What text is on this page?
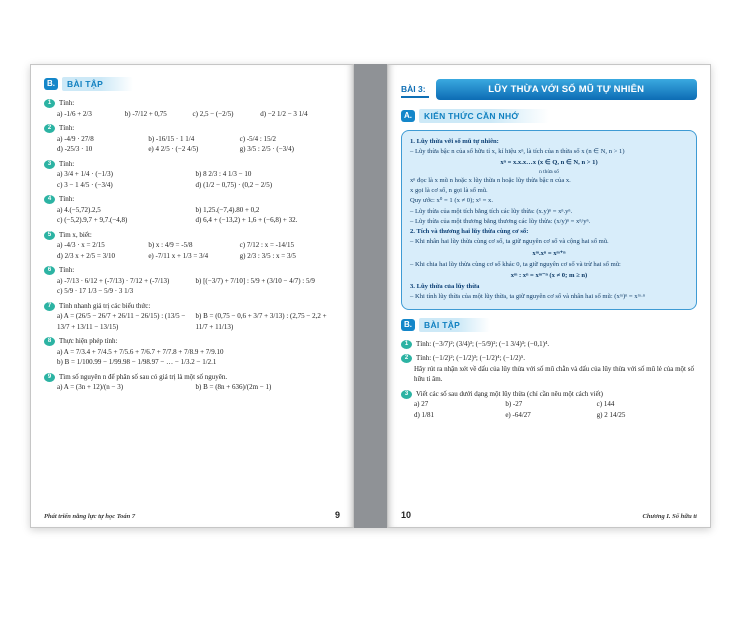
B.	BÀI TẬP
1	Tính:
a) -1/6 + 2/3	b) -7/12 + 0,75	c) 2,5 − (−2/5)	d) −2 1/2 − 3 1/4
2	Tính:
a) -4/9 · 27/8	b) -16/15 · 1 1/4	c) -5/4 : 15/2
d) -25/3 · 10	e) 4 2/5 · (−2 4/5)	g) 3/5 : 2/5 · (−3/4)
3	Tính:
a) 3/4 + 1/4 · (−1/3)	b) 8 2/3 : 4 1/3 − 10
c) 3 − 1 4/5 · (−3/4)	d) (1/2 − 0,75) · (0,2 − 2/5)
4	Tính:
a) 4.(−5,72).2,5	b) 1,25.(−7,4).80 + 0,2
c) (−5,2).9,7 + 9,7.(−4,8)	d) 6,4 + (−13,2) + 1,6 + (−6,8) + 32.
5	Tìm x, biết:
a) -4/3 · x = 2/15	b) x : 4/9 = -5/8	c) 7/12 : x = -14/15
d) 2/3 x + 2/5 = 3/10	e) -7/11 x + 1/3 = 3/4	g) 2/3 : 3/5 : x = 3/5
6	Tính:
a) -7/13 · 6/12 + (-7/13) · 7/12 + (-7/13)	b) [(−3/7) + 7/10] : 5/9 + (3/10 − 4/7) : 5/9
c) 5/9 · 17 1/3 − 5/9 · 3 1/3
7	Tính nhanh giá trị các biểu thức:
a) A = (26/5 − 26/7 + 26/11 − 26/15) : (13/5 − 13/7 + 13/11 − 13/15)
b) B = (0,75 − 0,6 + 3/7 + 3/13) : (2,75 − 2,2 + 11/7 + 11/13)
8	Thực hiện phép tính:
a) A = 7/3.4 + 7/4.5 + 7/5.6 + 7/6.7 + 7/7.8 + 7/8.9 + 7/9.10
b) B = 1/100.99 − 1/99.98 − 1/98.97 − … − 1/3.2 − 1/2.1
9	Tìm số nguyên n để phân số sau có giá trị là một số nguyên.
a) A = (3n + 12)/(n − 3)	b) B = (8n + 636)/(2m − 1)
Phát triển năng lực tự học Toán 7	9
BÀI 3:	LŨY THỪA VỚI SỐ MŨ TỰ NHIÊN
A.	KIẾN THỨC CẦN NHỚ
1. Lũy thừa với số mũ tự nhiên:
– Lũy thừa bậc n của số hữu tỉ x, kí hiệu xⁿ, là tích của n thừa số x (n ∈ N, n > 1)
xⁿ = x.x.x…x (x ∈ Q, n ∈ N, n > 1)
n thừa số
xⁿ đọc là x mũ n hoặc x lũy thừa n hoặc lũy thừa bậc n của x.
x gọi là cơ số, n gọi là số mũ.
Quy ước: x⁰ = 1 (x ≠ 0); x¹ = x.
– Lũy thừa của một tích bằng tích các lũy thừa: (x.y)ⁿ = xⁿ.yⁿ.
– Lũy thừa của một thương bằng thương các lũy thừa: (x/y)ⁿ = xⁿ/yⁿ.
2. Tích và thương hai lũy thừa cùng cơ số:
– Khi nhân hai lũy thừa cùng cơ số, ta giữ nguyên cơ số và cộng hai số mũ.
xᵐ.xⁿ = xᵐ⁺ⁿ
– Khi chia hai lũy thừa cùng cơ số khác 0, ta giữ nguyên cơ số và trừ hai số mũ:
xᵐ : xⁿ = xᵐ⁻ⁿ (x ≠ 0; m ≥ n)
3. Lũy thừa của lũy thừa
– Khi tính lũy thừa của một lũy thừa, ta giữ nguyên cơ số và nhân hai số mũ: (xᵐ)ⁿ = xᵐ·ⁿ
B.	BÀI TẬP
1	Tính: (−3/7)²; (3/4)³; (−5/9)²; (−1 3/4)³; (−0,1)⁴.
2	Tính: (−1/2)²; (−1/2)³; (−1/2)⁴; (−1/2)⁵.
Hãy rút ra nhận xét về dấu của lũy thừa với số mũ chẵn và dấu của lũy thừa với số mũ lẻ của một số hữu tỉ âm.
3	Viết các số sau dưới dạng một lũy thừa (chỉ cần nêu một cách viết)
a) 27	b) -27	c) 144
d) 1/81	e) -64/27	g) 2 14/25
10	Chương I. Số hữu tỉ
